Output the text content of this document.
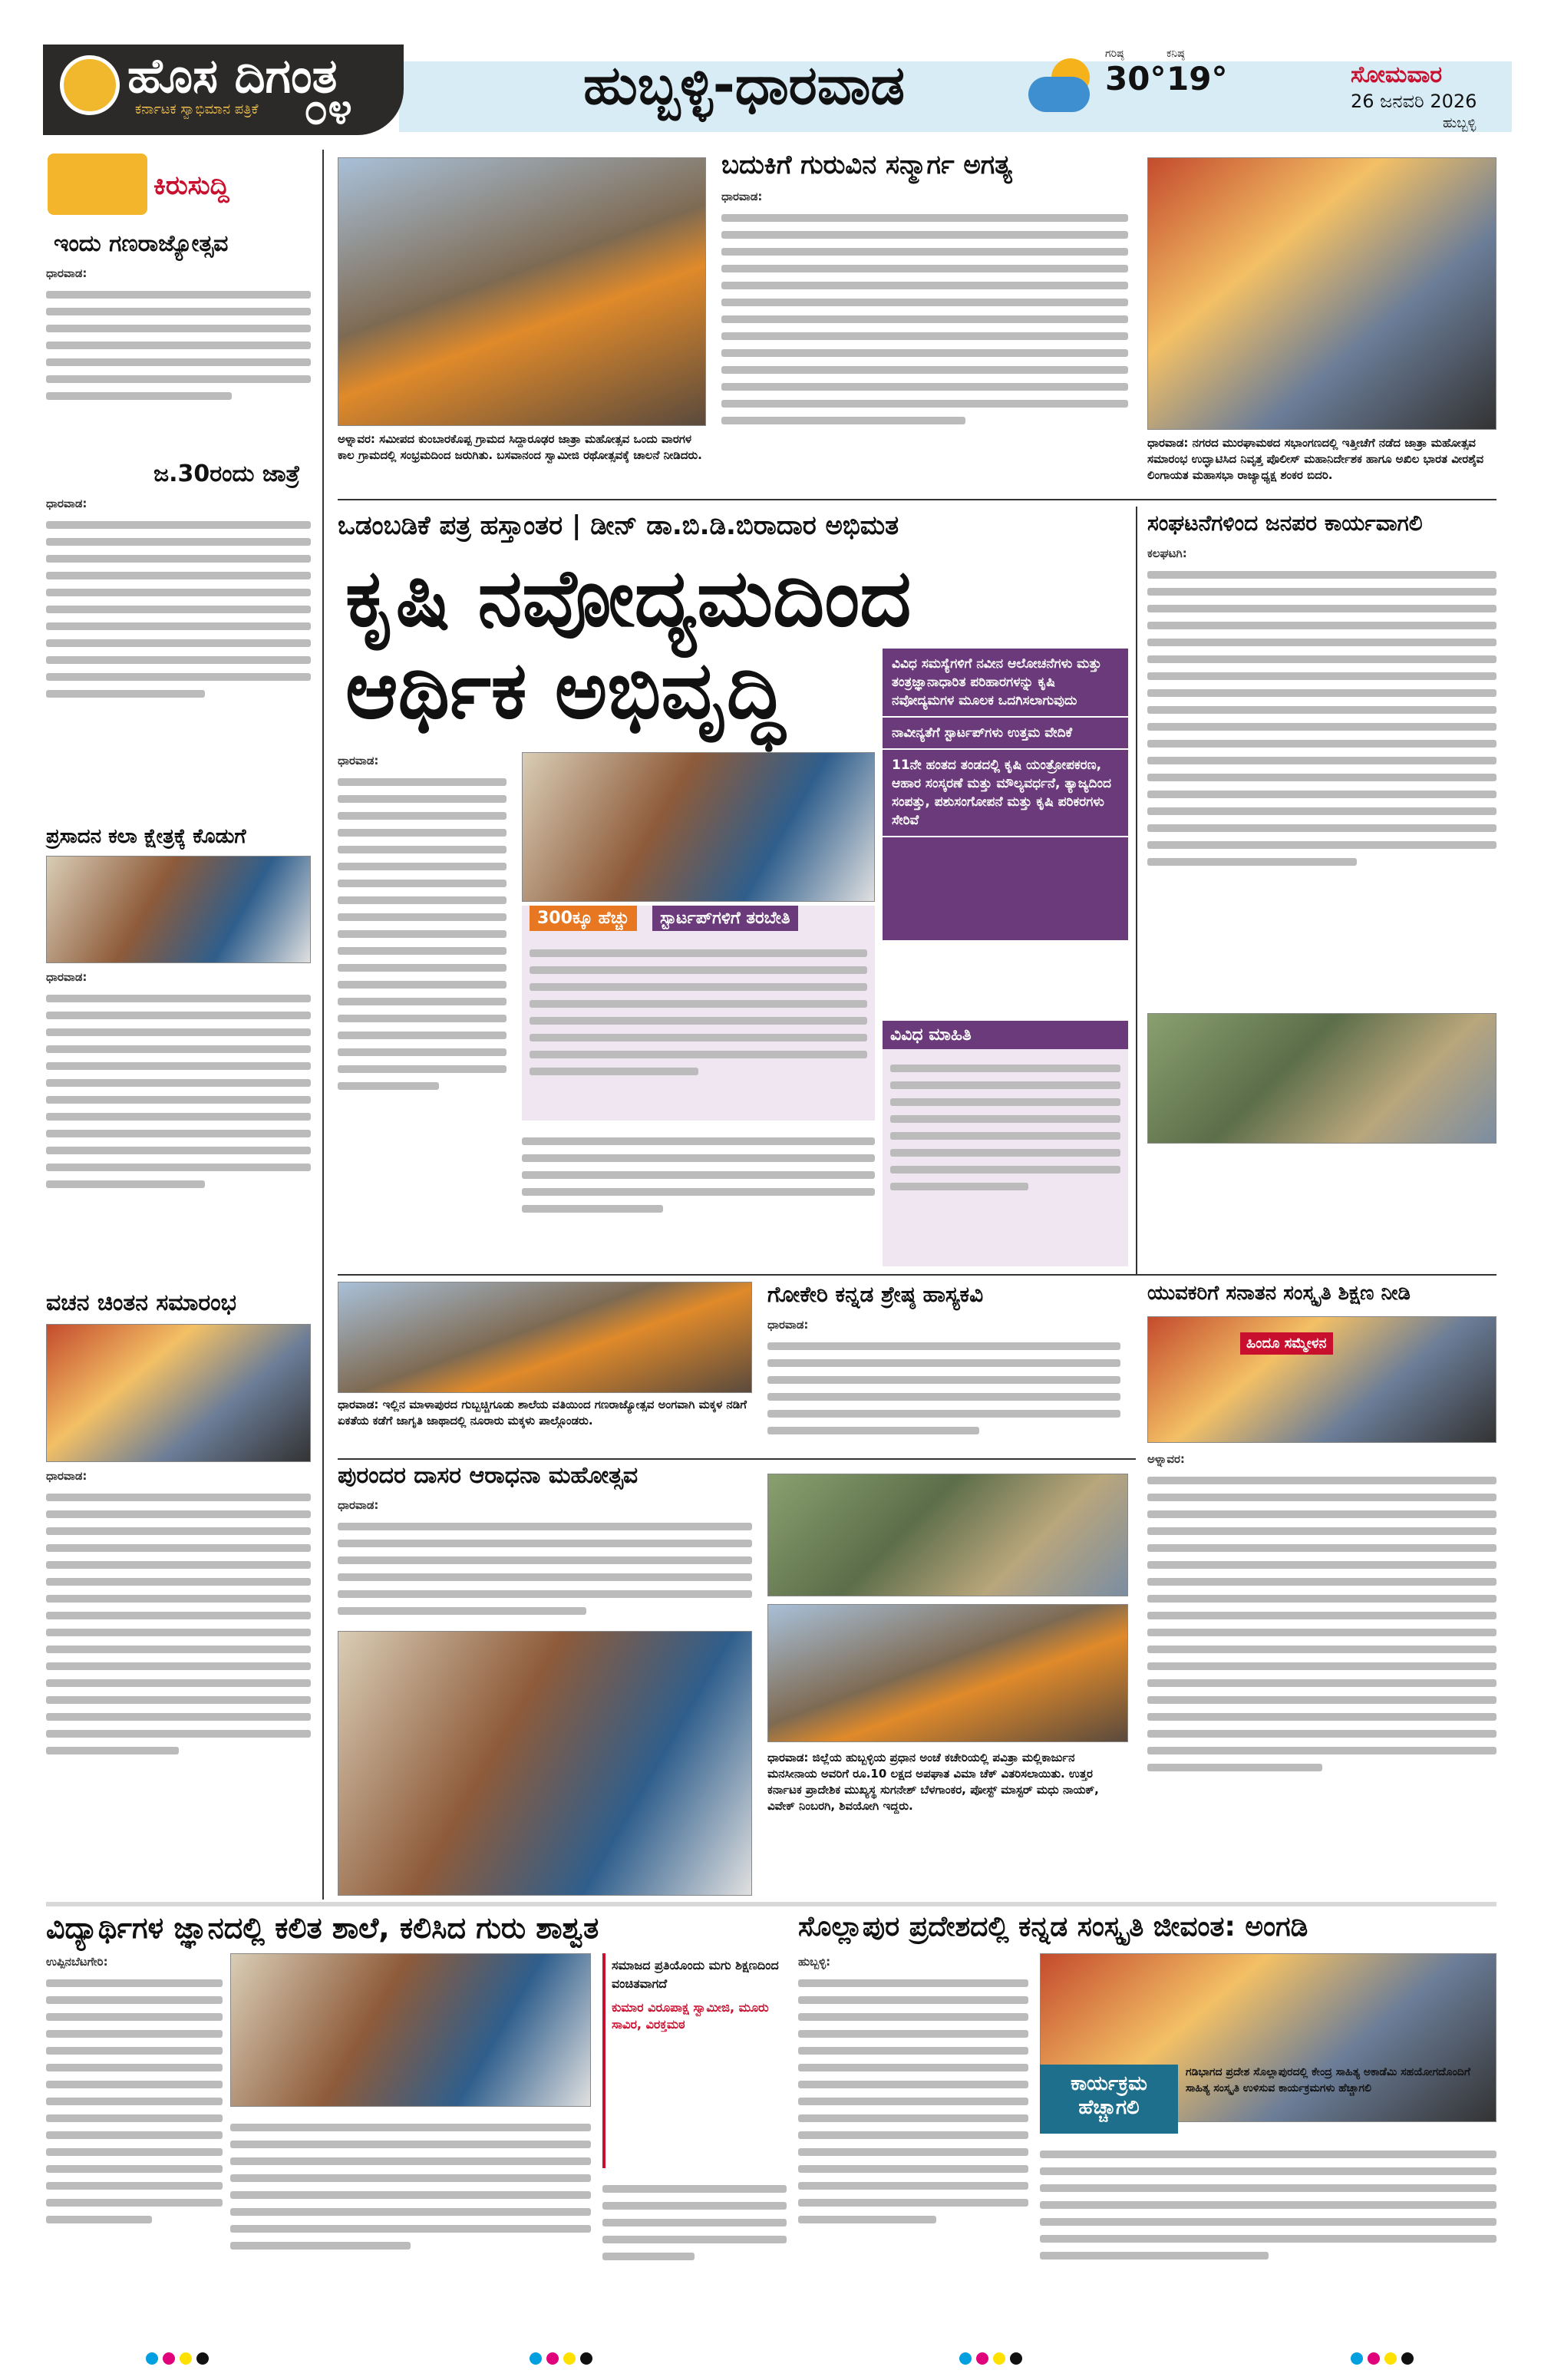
ಹೊಸ ದಿಗಂತ
ಕರ್ನಾಟಕ ಸ್ವಾಭಿಮಾನ ಪತ್ರಿಕೆ ೦೪	ಹುಬ್ಬಳ್ಳಿ-ಧಾರವಾಡ	ಗರಿಷ್ಠ
30°
ಕನಿಷ್ಠ
19°	ಸೋಮವಾರ
26 ಜನವರಿ 2026
ಹುಬ್ಬಳ್ಳಿ
ಕಿರುಸುದ್ದಿ
ಇಂದು ಗಣರಾಜ್ಯೋತ್ಸವ
ಧಾರವಾಡ:
ಜ.30ರಂದು ಜಾತ್ರೆ
ಧಾರವಾಡ:
ಪ್ರಸಾದನ ಕಲಾ ಕ್ಷೇತ್ರಕ್ಕೆ ಕೊಡುಗೆ
ಧಾರವಾಡ:
ವಚನ ಚಿಂತನ ಸಮಾರಂಭ
ಧಾರವಾಡ:
ಅಳ್ನಾವರ: ಸಮೀಪದ ಕುಂಬಾರಕೊಪ್ಪ ಗ್ರಾಮದ ಸಿದ್ದಾರೂಢರ ಜಾತ್ರಾ ಮಹೋತ್ಸವ ಒಂದು ವಾರಗಳ ಕಾಲ ಗ್ರಾಮದಲ್ಲಿ ಸಂಭ್ರಮದಿಂದ ಜರುಗಿತು. ಬಸವಾನಂದ ಸ್ವಾಮೀಜಿ ರಥೋತ್ಸವಕ್ಕೆ ಚಾಲನೆ ನೀಡಿದರು.
ಬದುಕಿಗೆ ಗುರುವಿನ ಸನ್ಮಾರ್ಗ ಅಗತ್ಯ
ಧಾರವಾಡ:
ಧಾರವಾಡ: ನಗರದ ಮುರಘಾಮಠದ ಸಭಾಂಗಣದಲ್ಲಿ ಇತ್ತೀಚೆಗೆ ನಡೆದ ಜಾತ್ರಾ ಮಹೋತ್ಸವ ಸಮಾರಂಭ ಉದ್ಘಾಟಿಸಿದ ನಿವೃತ್ತ ಪೊಲೀಸ್ ಮಹಾನಿರ್ದೇಶಕ ಹಾಗೂ ಅಖಿಲ ಭಾರತ ವೀರಶೈವ ಲಿಂಗಾಯತ ಮಹಾಸಭಾ ರಾಜ್ಯಾಧ್ಯಕ್ಷ ಶಂಕರ ಬಿದರಿ.
ಒಡಂಬಡಿಕೆ ಪತ್ರ ಹಸ್ತಾಂತರ | ಡೀನ್ ಡಾ.ಬಿ.ಡಿ.ಬಿರಾದಾರ ಅಭಿಮತ
ಕೃಷಿ ನವೋದ್ಯಮದಿಂದ
ಆರ್ಥಿಕ ಅಭಿವೃದ್ಧಿ	ವಿವಿಧ ಸಮಸ್ಯೆಗಳಿಗೆ ನವೀನ ಆಲೋಚನೆಗಳು ಮತ್ತು ತಂತ್ರಜ್ಞಾನಾಧಾರಿತ ಪರಿಹಾರಗಳನ್ನು ಕೃಷಿ ನವೋದ್ಯಮಗಳ ಮೂಲಕ ಒದಗಿಸಲಾಗುವುದು
ನಾವೀನ್ಯತೆಗೆ ಸ್ಟಾರ್ಟಪ್‌ಗಳು ಉತ್ತಮ ವೇದಿಕೆ
11ನೇ ಹಂತದ ತಂಡದಲ್ಲಿ ಕೃಷಿ ಯಂತ್ರೋಪಕರಣ, ಆಹಾರ ಸಂಸ್ಕರಣೆ ಮತ್ತು ಮೌಲ್ಯವರ್ಧನೆ, ತ್ಯಾಜ್ಯದಿಂದ ಸಂಪತ್ತು, ಪಶುಸಂಗೋಪನೆ ಮತ್ತು ಕೃಷಿ ಪರಿಕರಗಳು ಸೇರಿವೆ
ಧಾರವಾಡ:
300ಕ್ಕೂ ಹೆಚ್ಚು	ಸ್ಟಾರ್ಟಪ್‌ಗಳಿಗೆ ತರಬೇತಿ
ವಿವಿಧ ಮಾಹಿತಿ
ಸಂಘಟನೆಗಳಿಂದ ಜನಪರ ಕಾರ್ಯವಾಗಲಿ
ಕಲಘಟಗಿ:
ಧಾರವಾಡ: ಇಲ್ಲಿನ ಮಾಳಾಪುರದ ಗುಬ್ಬಚ್ಚಿಗೂಡು ಶಾಲೆಯ ವತಿಯಿಂದ ಗಣರಾಜ್ಯೋತ್ಸವ ಅಂಗವಾಗಿ ಮಕ್ಕಳ ನಡಿಗೆ ಏಕತೆಯ ಕಡೆಗೆ ಜಾಗೃತಿ ಜಾಥಾದಲ್ಲಿ ನೂರಾರು ಮಕ್ಕಳು ಪಾಲ್ಗೊಂಡರು.
ಗೋಕೇರಿ ಕನ್ನಡ ಶ್ರೇಷ್ಠ ಹಾಸ್ಯಕವಿ
ಧಾರವಾಡ:
ಯುವಕರಿಗೆ ಸನಾತನ ಸಂಸ್ಕೃತಿ ಶಿಕ್ಷಣ ನೀಡಿ
ಹಿಂದೂ ಸಮ್ಮೇಳನ
ಅಳ್ನಾವರ:
ಪುರಂದರ ದಾಸರ ಆರಾಧನಾ ಮಹೋತ್ಸವ
ಧಾರವಾಡ:
ಧಾರವಾಡ: ಜಿಲ್ಲೆಯ ಹುಬ್ಬಳ್ಳಿಯ ಪ್ರಧಾನ ಅಂಚೆ ಕಚೇರಿಯಲ್ಲಿ ಪವಿತ್ರಾ ಮಲ್ಲಿಕಾರ್ಜುನ ಮನಸೀನಾಯ ಅವರಿಗೆ ರೂ.10 ಲಕ್ಷದ ಅಪಘಾತ ವಿಮಾ ಚೆಕ್ ವಿತರಿಸಲಾಯಿತು. ಉತ್ತರ ಕರ್ನಾಟಕ ಪ್ರಾದೇಶಿಕ ಮುಖ್ಯಸ್ಥ ಸುಗನೇಶ್ ಬೆಳಗಾಂಕರ, ಪೋಸ್ಟ್ ಮಾಸ್ಟರ್ ಮಧು ನಾಯಕ್, ವಿವೇಕ್ ನಿಂಬರಗಿ, ಶಿವಯೋಗಿ ಇದ್ದರು.
ವಿದ್ಯಾರ್ಥಿಗಳ ಜ್ಞಾನದಲ್ಲಿ ಕಲಿತ ಶಾಲೆ, ಕಲಿಸಿದ ಗುರು ಶಾಶ್ವತ
ಉಪ್ಪಿನಬೆಟಗೇರಿ:	ಸಮಾಜದ ಪ್ರತಿಯೊಂದು ಮಗು ಶಿಕ್ಷಣದಿಂದ ವಂಚಿತವಾಗದೆ
ಕುಮಾರ ವಿರೂಪಾಕ್ಷ ಸ್ವಾಮೀಜಿ, ಮೂರು ಸಾವಿರ, ವಿರಕ್ತಮಠ
ಸೊಲ್ಲಾಪುರ ಪ್ರದೇಶದಲ್ಲಿ ಕನ್ನಡ ಸಂಸ್ಕೃತಿ ಜೀವಂತ: ಅಂಗಡಿ
ಹುಬ್ಬಳ್ಳಿ:
ಕಾರ್ಯಕ್ರಮ ಹೆಚ್ಚಾಗಲಿ
ಗಡಿಭಾಗದ ಪ್ರದೇಶ ಸೊಲ್ಲಾಪುರದಲ್ಲಿ ಕೇಂದ್ರ ಸಾಹಿತ್ಯ ಅಕಾಡೆಮಿ ಸಹಯೋಗದೊಂದಿಗೆ ಸಾಹಿತ್ಯ ಸಂಸ್ಕೃತಿ ಉಳಿಸುವ ಕಾರ್ಯಕ್ರಮಗಳು ಹೆಚ್ಚಾಗಲಿ
